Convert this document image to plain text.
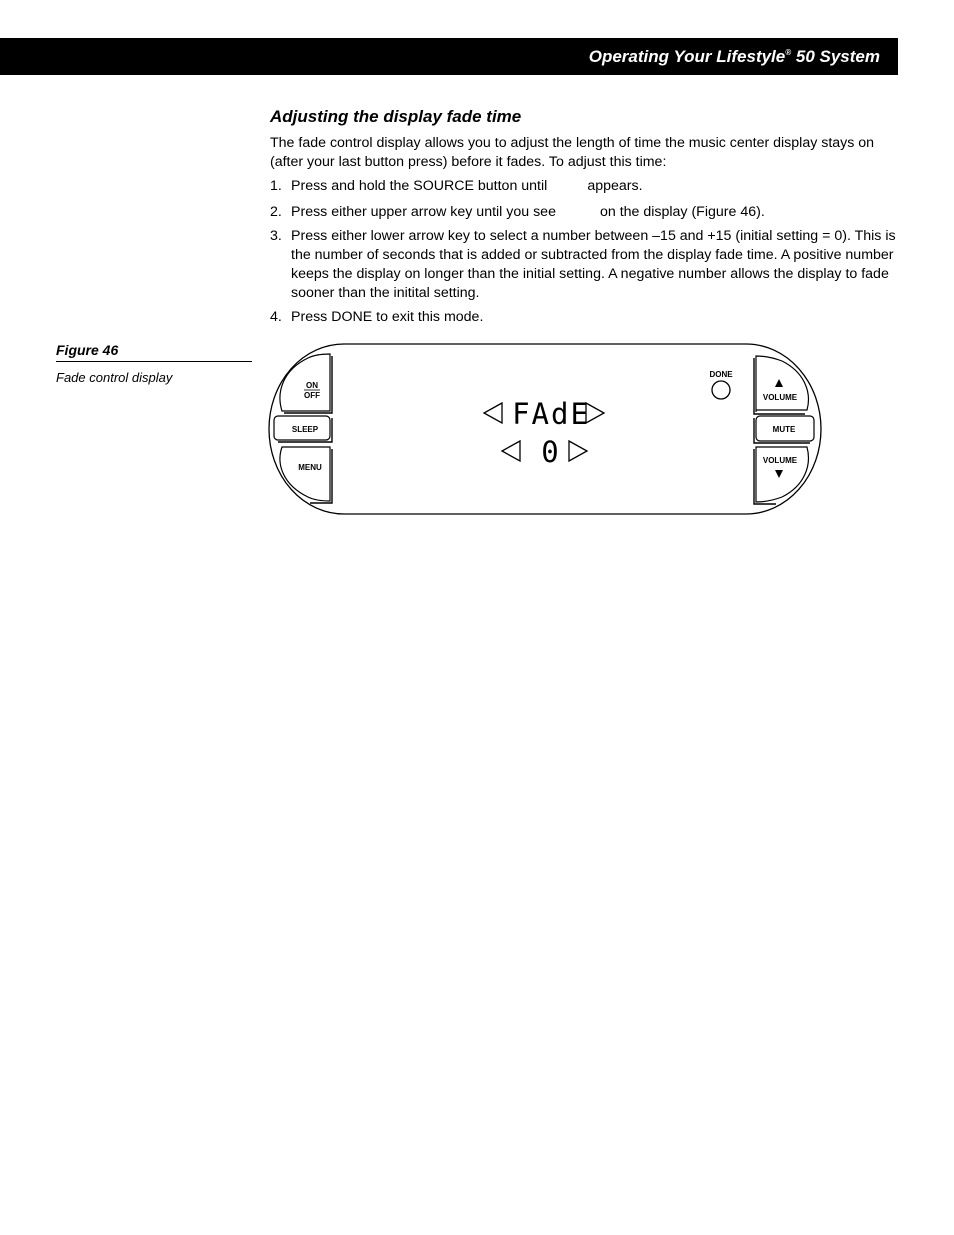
Operating Your Lifestyle® 50 System
Adjusting the display fade time
The fade control display allows you to adjust the length of time the music center display stays on (after your last button press) before it fades. To adjust this time:
1. Press and hold the SOURCE button until	appears.
2. Press either upper arrow key until you see	on the display (Figure 46).
3. Press either lower arrow key to select a number between –15 and +15 (initial setting = 0). This is the number of seconds that is added or subtracted from the display fade time. A positive number keeps the display on longer than the initial setting. A negative number allows the display to fade sooner than the initital setting.
4. Press DONE to exit this mode.
Figure 46
Fade control display
ON
OFF
SLEEP
MENU
FAdE
0
DONE
VOLUME
MUTE
VOLUME
